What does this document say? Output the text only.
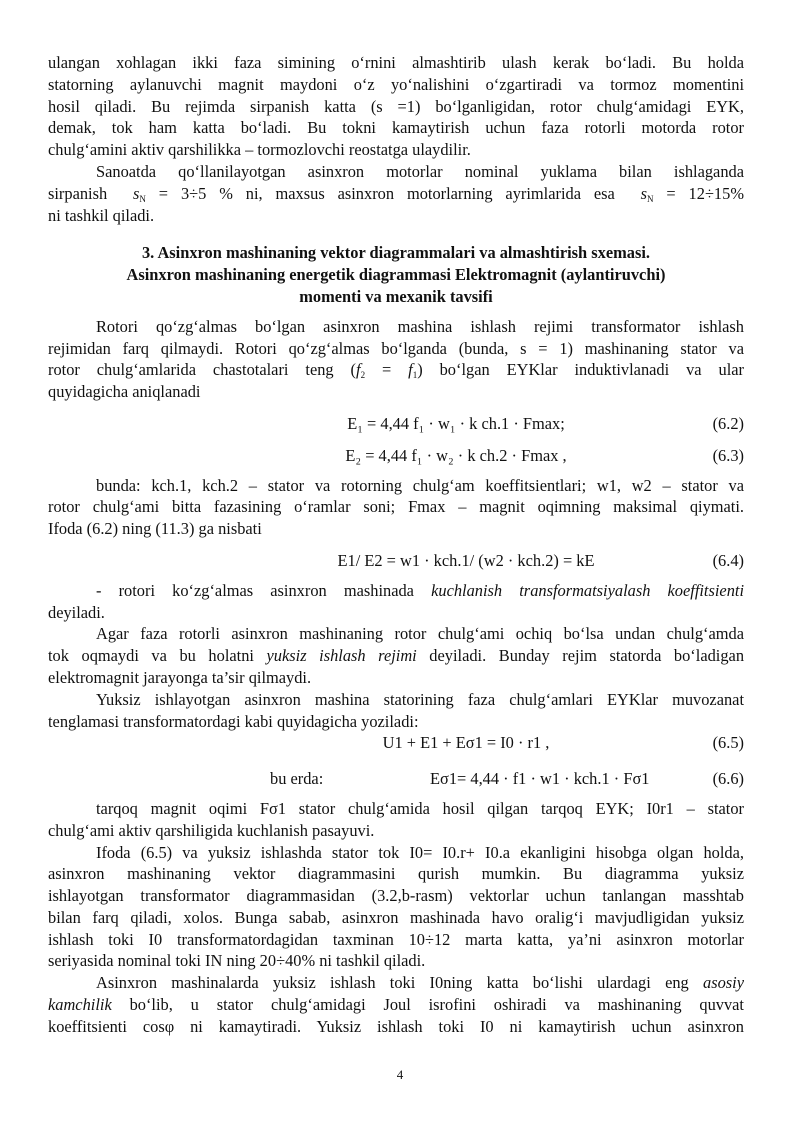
ulangan xohlagan ikki faza simining o‘rnini almashtirib ulash kerak bo‘ladi. Bu holda

statorning aylanuvchi magnit maydoni o‘z yo‘nalishini o‘zgartiradi va tormoz momentini

hosil qiladi. Bu rejimda sirpanish katta (s =1) bo‘lganligidan, rotor chulg‘amidagi EYK,

demak, tok ham katta bo‘ladi. Bu tokni kamaytirish uchun faza rotorli motorda rotor

chulg‘amini aktiv qarshilikka – tormozlovchi reostatga ulaydilir.

Sanoatda qo‘llanilayotgan asinxron motorlar nominal yuklama bilan ishlaganda

sirpanish $s_N = 3\div 5$ % ni, maxsus asinxron motorlarning ayrimlarida esa $s_N = 12\div 15\%$

ni tashkil qiladi.

3. Asinxron mashinaning vektor diagrammalari va almashtirish sxemasi.
Asinxron mashinaning energetik diagrammasi Elektromagnit (aylantiruvchi)
momenti va mexanik tavsifi

Rotori qo‘zg‘almas bo‘lgan asinxron mashina ishlash rejimi transformator ishlash

rejimidan farq qilmaydi. Rotori qo‘zg‘almas bo‘lganda (bunda, s = 1) mashinaning stator va

rotor chulg‘amlarida chastotalari teng $(f_2 = f_1)$ bo‘lgan EYKlar induktivlanadi va ular

quyidagicha aniqlanadi

E₁ = 4,44 f₁ · w₁ · k ch.1 · Fmax;	(6.2)
E₂ = 4,44 f₁ · w₂ · k ch.2 · Fmax ,	(6.3)

bunda: kch.1, kch.2 – stator va rotorning chulg‘am koeffitsientlari; w1, w2 – stator va

rotor chulg‘ami bitta fazasining o‘ramlar soni; Fmax – magnit oqimning maksimal qiymati.

Ifoda (6.2) ning (11.3) ga nisbati

E1/ E2 = w1 · kch.1/ (w2 · kch.2) = kE	(6.4)

- rotori ko‘zg‘almas asinxron mashinada kuchlanish transformatsiyalash koeffitsienti

deyiladi.

Agar faza rotorli asinxron mashinaning rotor chulg‘ami ochiq bo‘lsa undan chulg‘amda

tok oqmaydi va bu holatni yuksiz ishlash rejimi deyiladi. Bunday rejim statorda bo‘ladigan

elektromagnit jarayonga ta’sir qilmaydi.

Yuksiz ishlayotgan asinxron mashina statorining faza chulg‘amlari EYKlar muvozanat

tenglamasi transformatordagi kabi quyidagicha yoziladi:

U1 + E1 + Eσ1 = I0 · r1 ,	(6.5)
bu erda:	Eσ1= 4,44 · f1 · w1 · kch.1 · Fσ1	(6.6)

tarqoq magnit oqimi Fσ1 stator chulg‘amida hosil qilgan tarqoq EYK; I0r1 – stator

chulg‘ami aktiv qarshiligida kuchlanish pasayuvi.

Ifoda (6.5) va yuksiz ishlashda stator tok I0= I0.r+ I0.a ekanligini hisobga olgan holda,

asinxron mashinaning vektor diagrammasini qurish mumkin. Bu diagramma yuksiz

ishlayotgan transformator diagrammasidan (3.2,b-rasm) vektorlar uchun tanlangan masshtab

bilan farq qiladi, xolos. Bunga sabab, asinxron mashinada havo oralig‘i mavjudligidan yuksiz

ishlash toki I0 transformatordagidan taxminan 10÷12 marta katta, ya’ni asinxron motorlar

seriyasida nominal toki IN ning 20÷40% ni tashkil qiladi.

Asinxron mashinalarda yuksiz ishlash toki I0ning katta bo‘lishi ulardagi eng asosiy

kamchilik bo‘lib, u stator chulg‘amidagi Joul isrofini oshiradi va mashinaning quvvat

koeffitsienti cosφ ni kamaytiradi. Yuksiz ishlash toki I0 ni kamaytirish uchun asinxron

4
